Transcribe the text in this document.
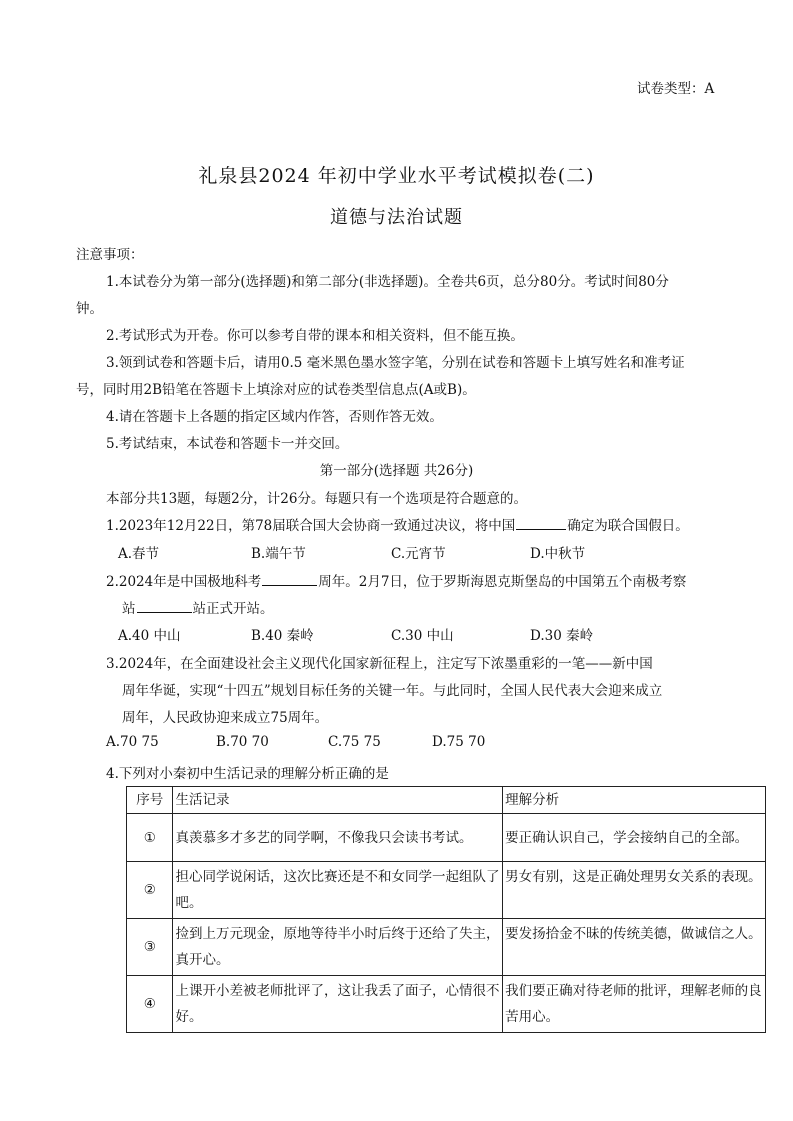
试卷类型：A
礼泉县2024 年初中学业水平考试模拟卷(二)
道德与法治试题
注意事项：
1.本试卷分为第一部分(选择题)和第二部分(非选择题)。全卷共6页，总分80分。考试时间80分
钟。
2.考试形式为开卷。你可以参考自带的课本和相关资料，但不能互换。
3.领到试卷和答题卡后，请用0.5 毫米黑色墨水签字笔，分别在试卷和答题卡上填写姓名和准考证
号，同时用2B铅笔在答题卡上填涂对应的试卷类型信息点(A或B)。
4.请在答题卡上各题的指定区域内作答，否则作答无效。
5.考试结束，本试卷和答题卡一并交回。
第一部分(选择题 共26分)
本部分共13题，每题2分，计26分。每题只有一个选项是符合题意的。
1.2023年12月22日，第78届联合国大会协商一致通过决议，将中国	确定为联合国假日。
A.春节	B.端午节	C.元宵节	D.中秋节
2.2024年是中国极地科考	周年。2月7日，位于罗斯海恩克斯堡岛的中国第五个南极考察
站	站正式开站。
A.40 中山	B.40 秦岭	C.30 中山	D.30 秦岭
3.2024年，在全面建设社会主义现代化国家新征程上，注定写下浓墨重彩的一笔——新中国
周年华诞，实现“十四五”规划目标任务的关键一年。与此同时，全国人民代表大会迎来成立
周年，人民政协迎来成立75周年。
A.70 75	B.70 70	C.75 75	D.75 70
4.下列对小秦初中生活记录的理解分析正确的是
序号	生活记录	理解分析
①	真羡慕多才多艺的同学啊，不像我只会读书考试。	要正确认识自己，学会接纳自己的全部。
②	担心同学说闲话，这次比赛还是不和女同学一起组队了吧。	男女有别，这是正确处理男女关系的表现。
③	捡到上万元现金，原地等待半小时后终于还给了失主，真开心。	要发扬拾金不昧的传统美德，做诚信之人。
④	上课开小差被老师批评了，这让我丢了面子，心情很不好。	我们要正确对待老师的批评，理解老师的良苦用心。
